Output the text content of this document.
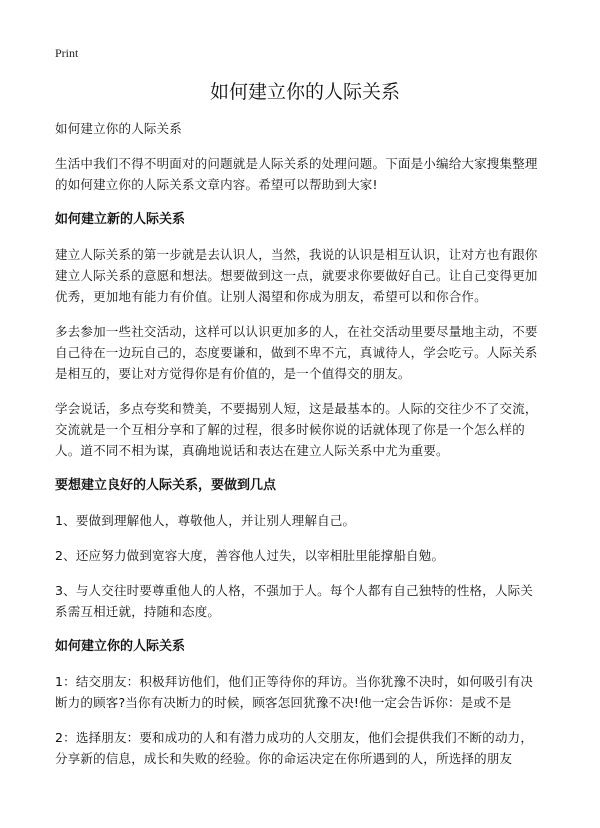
Print
如何建立你的人际关系

如何建立你的人际关系

生活中我们不得不明面对的问题就是人际关系的处理问题。下面是小编给大家搜集整理的如何建立你的人际关系文章内容。希望可以帮助到大家!

如何建立新的人际关系

建立人际关系的第一步就是去认识人，当然，我说的认识是相互认识，让对方也有跟你建立人际关系的意愿和想法。想要做到这一点，就要求你要做好自己。让自己变得更加优秀，更加地有能力有价值。让别人渴望和你成为朋友，希望可以和你合作。

多去参加一些社交活动，这样可以认识更加多的人，在社交活动里要尽量地主动，不要自己待在一边玩自己的，态度要谦和，做到不卑不亢，真诚待人，学会吃亏。人际关系是相互的，要让对方觉得你是有价值的，是一个值得交的朋友。

学会说话，多点夸奖和赞美，不要揭别人短，这是最基本的。人际的交往少不了交流，交流就是一个互相分享和了解的过程，很多时候你说的话就体现了你是一个怎么样的人。道不同不相为谋，真确地说话和表达在建立人际关系中尤为重要。

要想建立良好的人际关系，要做到几点

1、要做到理解他人，尊敬他人，并让别人理解自己。

2、还应努力做到宽容大度，善容他人过失，以宰相肚里能撑船自勉。

3、与人交往时要尊重他人的人格，不强加于人。每个人都有自己独特的性格，人际关系需互相迁就，持随和态度。

如何建立你的人际关系

1：结交朋友：积极拜访他们，他们正等待你的拜访。当你犹豫不决时，如何吸引有决断力的顾客?当你有决断力的时候，顾客怎回犹豫不决!他一定会告诉你：是或不是

2：选择朋友：要和成功的人和有潜力成功的人交朋友，他们会提供我们不断的动力，分享新的信息，成长和失败的经验。你的命运决定在你所遇到的人，所选择的朋友
